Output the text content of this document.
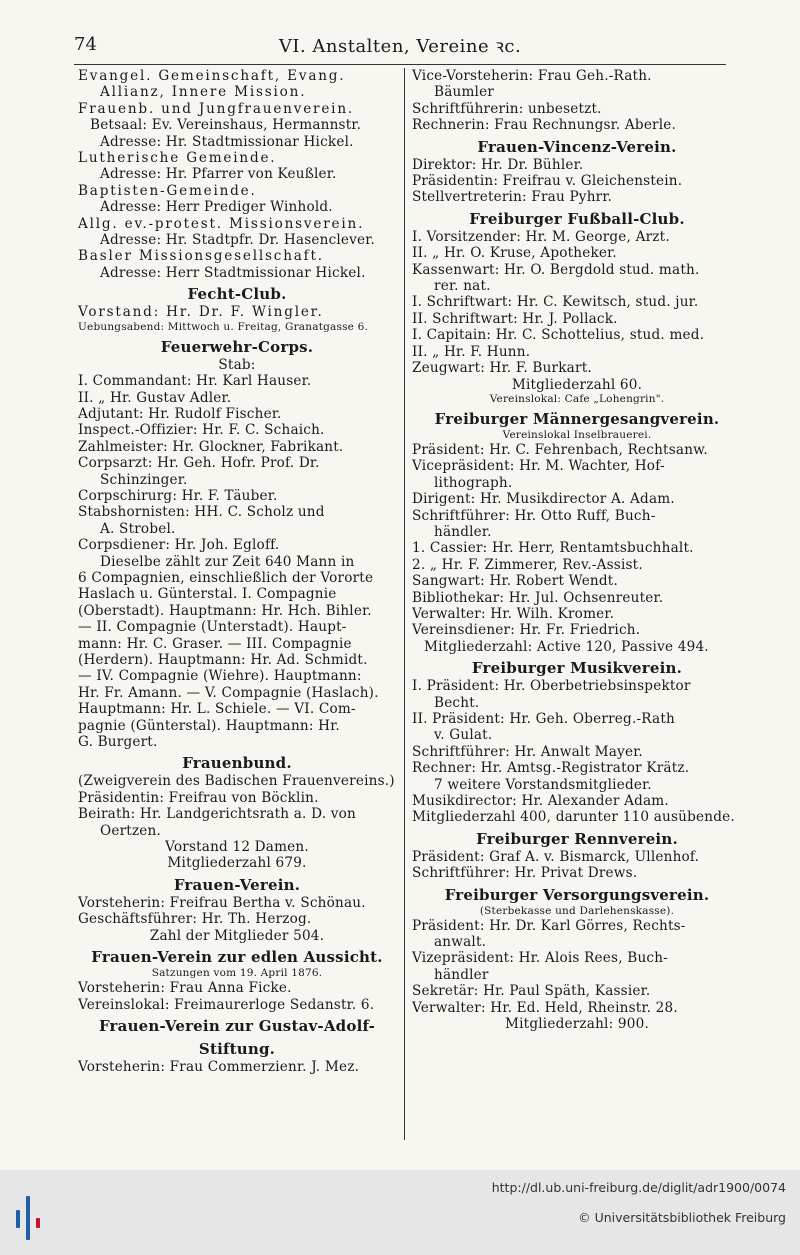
74	VI. Anstalten, Vereine ꝛc.
Evangel. Gemeinschaft, Evang.
Allianz, Innere Mission.
Frauenb. und Jungfrauenverein.
Betsaal: Ev. Vereinshaus, Hermannstr.
Adresse: Hr. Stadtmissionar Hickel.
Lutherische Gemeinde.
Adresse: Hr. Pfarrer von Keußler.
Baptisten-Gemeinde.
Adresse: Herr Prediger Winhold.
Allg. ev.-protest. Missionsverein.
Adresse: Hr. Stadtpfr. Dr. Hasenclever.
Basler Missionsgesellschaft.
Adresse: Herr Stadtmissionar Hickel.
Fecht-Club.
Vorstand: Hr. Dr. F. Wingler.
Uebungsabend: Mittwoch u. Freitag, Granatgasse 6.
Feuerwehr-Corps.
Stab:
I. Commandant: Hr. Karl Hauser.
II. „ Hr. Gustav Adler.
Adjutant: Hr. Rudolf Fischer.
Inspect.-Offizier: Hr. F. C. Schaich.
Zahlmeister: Hr. Glockner, Fabrikant.
Corpsarzt: Hr. Geh. Hofr. Prof. Dr.
Schinzinger.
Corpschirurg: Hr. F. Täuber.
Stabshornisten: HH. C. Scholz und
A. Strobel.
Corpsdiener: Hr. Joh. Egloff.
Dieselbe zählt zur Zeit 640 Mann in
6 Compagnien, einschließlich der Vororte
Haslach u. Günterstal. I. Compagnie
(Oberstadt). Hauptmann: Hr. Hch. Bihler.
— II. Compagnie (Unterstadt). Haupt-
mann: Hr. C. Graser. — III. Compagnie
(Herdern). Hauptmann: Hr. Ad. Schmidt.
— IV. Compagnie (Wiehre). Hauptmann:
Hr. Fr. Amann. — V. Compagnie (Haslach).
Hauptmann: Hr. L. Schiele. — VI. Com-
pagnie (Günterstal). Hauptmann: Hr.
G. Burgert.
Frauenbund.
(Zweigverein des Badischen Frauenvereins.)
Präsidentin: Freifrau von Böcklin.
Beirath: Hr. Landgerichtsrath a. D. von
Oertzen.
Vorstand 12 Damen.
Mitgliederzahl 679.
Frauen-Verein.
Vorsteherin: Freifrau Bertha v. Schönau.
Geschäftsführer: Hr. Th. Herzog.
Zahl der Mitglieder 504.
Frauen-Verein zur edlen Aussicht.
Satzungen vom 19. April 1876.
Vorsteherin: Frau Anna Ficke.
Vereinslokal: Freimaurerloge Sedanstr. 6.
Frauen-Verein zur Gustav-Adolf-
Stiftung.
Vorsteherin: Frau Commerzienr. J. Mez.
Vice-Vorsteherin: Frau Geh.-Rath.
Bäumler
Schriftführerin: unbesetzt.
Rechnerin: Frau Rechnungsr. Aberle.
Frauen-Vincenz-Verein.
Direktor: Hr. Dr. Bühler.
Präsidentin: Freifrau v. Gleichenstein.
Stellvertreterin: Frau Pyhrr.
Freiburger Fußball-Club.
I. Vorsitzender: Hr. M. George, Arzt.
II. „ Hr. O. Kruse, Apotheker.
Kassenwart: Hr. O. Bergdold stud. math.
rer. nat.
I. Schriftwart: Hr. C. Kewitsch, stud. jur.
II. Schriftwart: Hr. J. Pollack.
I. Capitain: Hr. C. Schottelius, stud. med.
II. „ Hr. F. Hunn.
Zeugwart: Hr. F. Burkart.
Mitgliederzahl 60.
Vereinslokal: Cafe „Lohengrin".
Freiburger Männergesangverein.
Vereinslokal Inselbrauerei.
Präsident: Hr. C. Fehrenbach, Rechtsanw.
Vicepräsident: Hr. M. Wachter, Hof-
lithograph.
Dirigent: Hr. Musikdirector A. Adam.
Schriftführer: Hr. Otto Ruff, Buch-
händler.
1. Cassier: Hr. Herr, Rentamtsbuchhalt.
2. „ Hr. F. Zimmerer, Rev.-Assist.
Sangwart: Hr. Robert Wendt.
Bibliothekar: Hr. Jul. Ochsenreuter.
Verwalter: Hr. Wilh. Kromer.
Vereinsdiener: Hr. Fr. Friedrich.
Mitgliederzahl: Active 120, Passive 494.
Freiburger Musikverein.
I. Präsident: Hr. Oberbetriebsinspektor
Becht.
II. Präsident: Hr. Geh. Oberreg.-Rath
v. Gulat.
Schriftführer: Hr. Anwalt Mayer.
Rechner: Hr. Amtsg.-Registrator Krätz.
7 weitere Vorstandsmitglieder.
Musikdirector: Hr. Alexander Adam.
Mitgliederzahl 400, darunter 110 ausübende.
Freiburger Rennverein.
Präsident: Graf A. v. Bismarck, Ullenhof.
Schriftführer: Hr. Privat Drews.
Freiburger Versorgungsverein.
(Sterbekasse und Darlehenskasse).
Präsident: Hr. Dr. Karl Görres, Rechts-
anwalt.
Vizepräsident: Hr. Alois Rees, Buch-
händler
Sekretär: Hr. Paul Späth, Kassier.
Verwalter: Hr. Ed. Held, Rheinstr. 28.
Mitgliederzahl: 900.
http://dl.ub.uni-freiburg.de/diglit/adr1900/0074
© Universitätsbibliothek Freiburg
